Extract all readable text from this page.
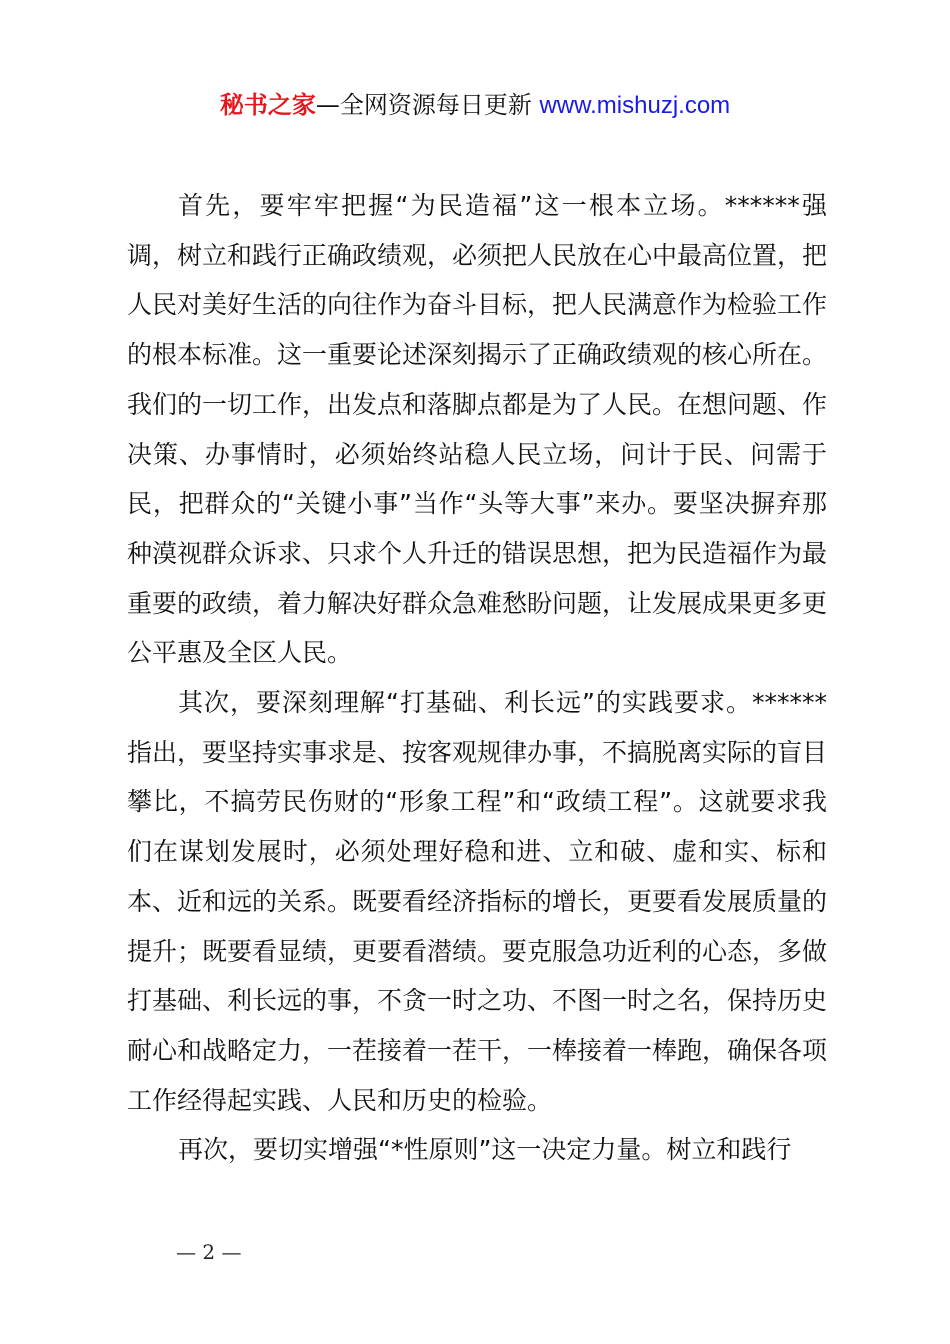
秘书之家—全网资源每日更新 www.mishuzj.com

首先，要牢牢把握“为民造福”这一根本立场。******强调，树立和践行正确政绩观，必须把人民放在心中最高位置，把人民对美好生活的向往作为奋斗目标，把人民满意作为检验工作的根本标准。这一重要论述深刻揭示了正确政绩观的核心所在。我们的一切工作，出发点和落脚点都是为了人民。在想问题、作决策、办事情时，必须始终站稳人民立场，问计于民、问需于民，把群众的“关键小事”当作“头等大事”来办。要坚决摒弃那种漠视群众诉求、只求个人升迁的错误思想，把为民造福作为最重要的政绩，着力解决好群众急难愁盼问题，让发展成果更多更公平惠及全区人民。

其次，要深刻理解“打基础、利长远”的实践要求。******指出，要坚持实事求是、按客观规律办事，不搞脱离实际的盲目攀比，不搞劳民伤财的“形象工程”和“政绩工程”。这就要求我们在谋划发展时，必须处理好稳和进、立和破、虚和实、标和本、近和远的关系。既要看经济指标的增长，更要看发展质量的提升；既要看显绩，更要看潜绩。要克服急功近利的心态，多做打基础、利长远的事，不贪一时之功、不图一时之名，保持历史耐心和战略定力，一茬接着一茬干，一棒接着一棒跑，确保各项工作经得起实践、人民和历史的检验。

再次，要切实增强“*性原则”这一决定力量。树立和践行

— 2 —
